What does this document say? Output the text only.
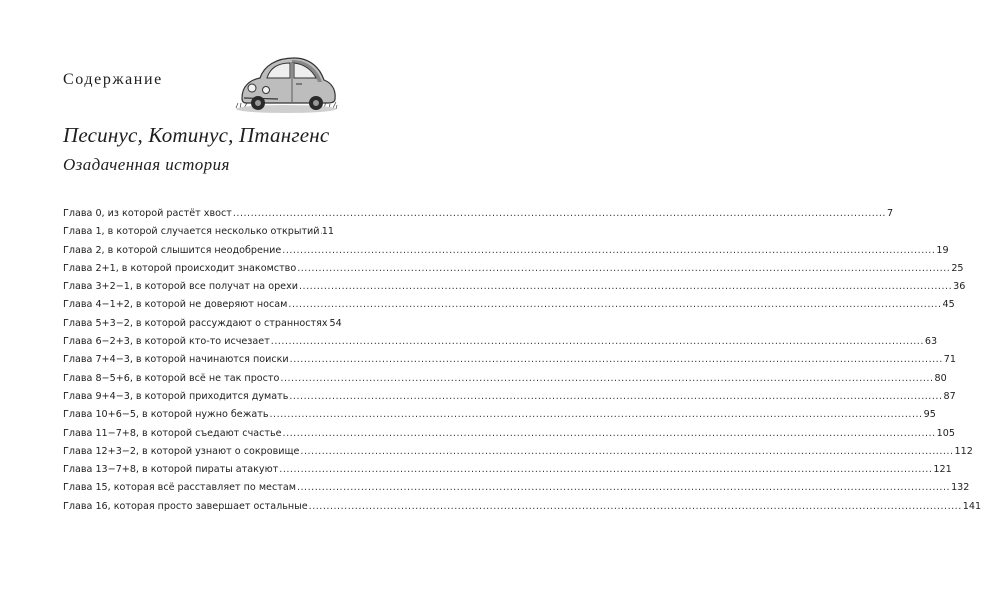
Содержание
Песинус, Котинус, Птангенс
Озадаченная история
Глава 0, из которой растёт хвост .....	7
Глава 1, в которой случается несколько открытий ..... 11
Глава 2, в которой слышится неодобрение .....	19
Глава 2+1, в которой происходит знакомство .....	25
Глава 3+2−1, в которой все получат на орехи .....	36
Глава 4−1+2, в которой не доверяют носам .....	45
Глава 5+3−2, в которой рассуждают о странностях 54
Глава 6−2+3, в которой кто-то исчезает .....	63
Глава 7+4−3, в которой начинаются поиски .....	71
Глава 8−5+6, в которой всё не так просто .....	80
Глава 9+4−3, в которой приходится думать .....	87
Глава 10+6−5, в которой нужно бежать .....	95
Глава 11−7+8, в которой съедают счастье .....	105
Глава 12+3−2, в которой узнают о сокровище .....	112
Глава 13−7+8, в которой пираты атакуют .....	121
Глава 15, которая всё расставляет по местам .....	132
Глава 16, которая просто завершает остальные .....	141
